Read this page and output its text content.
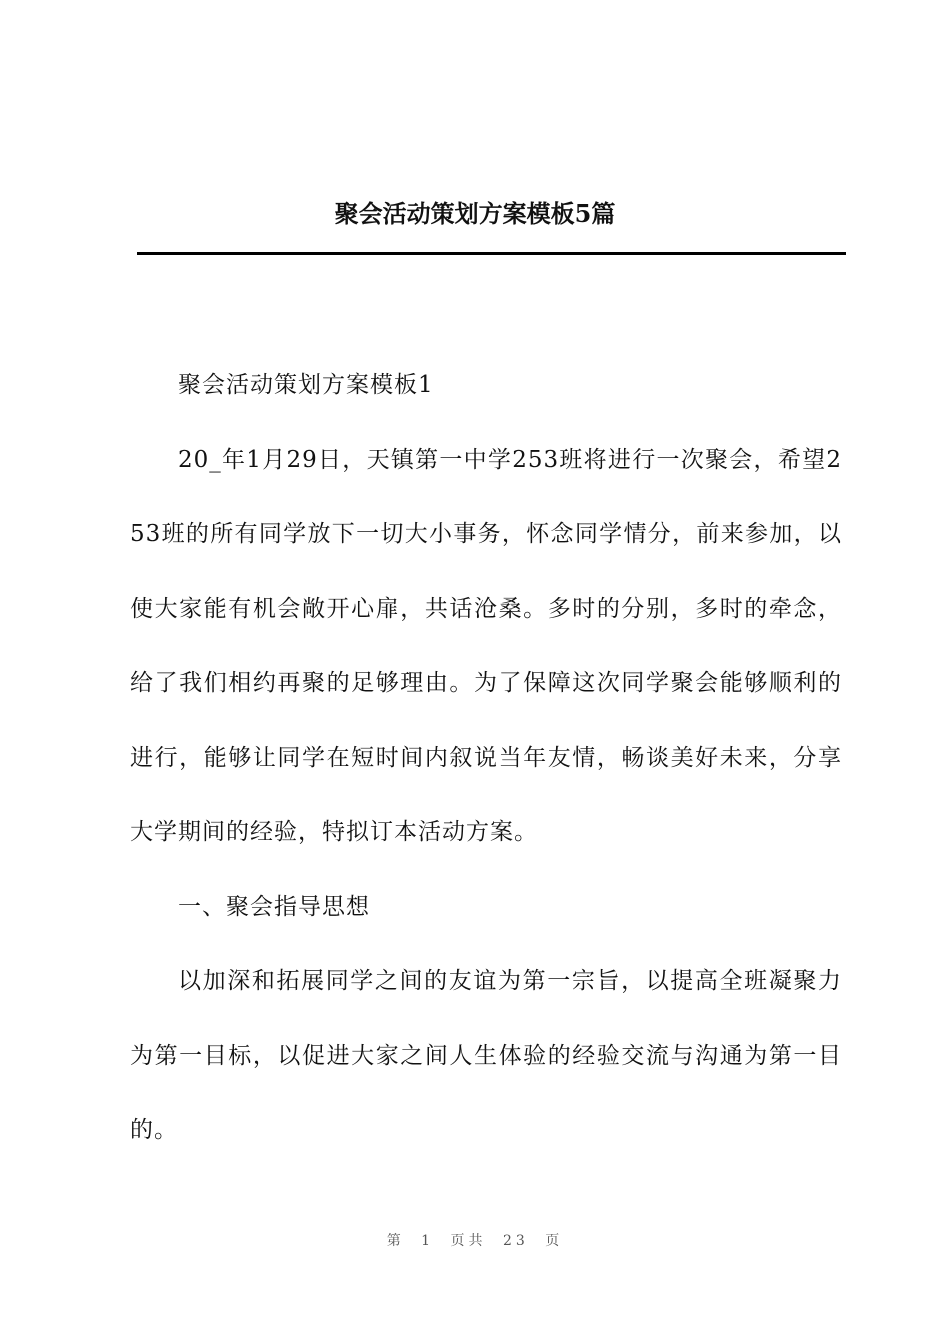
聚会活动策划方案模板5篇

聚会活动策划方案模板1

20_年1月29日，天镇第一中学253班将进行一次聚会，希望253班的所有同学放下一切大小事务，怀念同学情分，前来参加，以使大家能有机会敞开心扉，共话沧桑。多时的分别，多时的牵念，给了我们相约再聚的足够理由。为了保障这次同学聚会能够顺利的进行，能够让同学在短时间内叙说当年友情，畅谈美好未来，分享大学期间的经验，特拟订本活动方案。

一、聚会指导思想

以加深和拓展同学之间的友谊为第一宗旨，以提高全班凝聚力为第一目标，以促进大家之间人生体验的经验交流与沟通为第一目的。

第 1 页共 23 页
